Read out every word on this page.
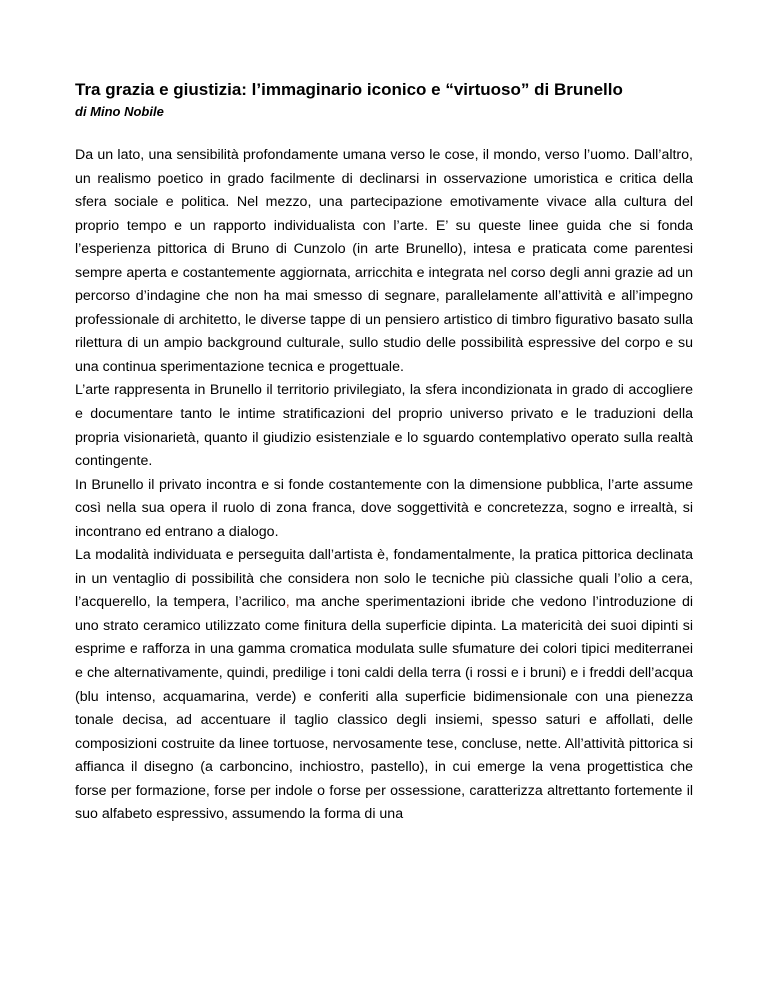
Tra grazia e giustizia: l’immaginario iconico e “virtuoso” di Brunello
di Mino Nobile

Da un lato, una sensibilità profondamente umana verso le cose, il mondo, verso l’uomo. Dall’altro, un realismo poetico in grado facilmente di declinarsi in osservazione umoristica e critica della sfera sociale e politica. Nel mezzo, una partecipazione emotivamente vivace alla cultura del proprio tempo e un rapporto individualista con l’arte. E’ su queste linee guida che si fonda l’esperienza pittorica di Bruno di Cunzolo (in arte Brunello), intesa e praticata come parentesi sempre aperta e costantemente aggiornata, arricchita e integrata nel corso degli anni grazie ad un percorso d’indagine che non ha mai smesso di segnare, parallelamente all’attività e all’impegno professionale di architetto, le diverse tappe di un pensiero artistico di timbro figurativo basato sulla rilettura di un ampio background culturale, sullo studio delle possibilità espressive del corpo e su una continua sperimentazione tecnica e progettuale.

L’arte rappresenta in Brunello il territorio privilegiato, la sfera incondizionata in grado di accogliere e documentare tanto le intime stratificazioni del proprio universo privato e le traduzioni della propria visionarietà, quanto il giudizio esistenziale e lo sguardo contemplativo operato sulla realtà contingente.

In Brunello il privato incontra e si fonde costantemente con la dimensione pubblica, l’arte assume così nella sua opera il ruolo di zona franca, dove soggettività e concretezza, sogno e irrealtà, si incontrano ed entrano a dialogo.

La modalità individuata e perseguita dall’artista è, fondamentalmente, la pratica pittorica declinata in un ventaglio di possibilità che considera non solo le tecniche più classiche quali l’olio a cera, l’acquerello, la tempera, l’acrilico, ma anche sperimentazioni ibride che vedono l’introduzione di uno strato ceramico utilizzato come finitura della superficie dipinta. La matericità dei suoi dipinti si esprime e rafforza in una gamma cromatica modulata sulle sfumature dei colori tipici mediterranei e che alternativamente, quindi, predilige i toni caldi della terra (i rossi e i bruni) e i freddi dell’acqua (blu intenso, acquamarina, verde) e conferiti alla superficie bidimensionale con una pienezza tonale decisa, ad accentuare il taglio classico degli insiemi, spesso saturi e affollati, delle composizioni costruite da linee tortuose, nervosamente tese, concluse, nette. All’attività pittorica si affianca il disegno (a carboncino, inchiostro, pastello), in cui emerge la vena progettistica che forse per formazione, forse per indole o forse per ossessione, caratterizza altrettanto fortemente il suo alfabeto espressivo, assumendo la forma di una
